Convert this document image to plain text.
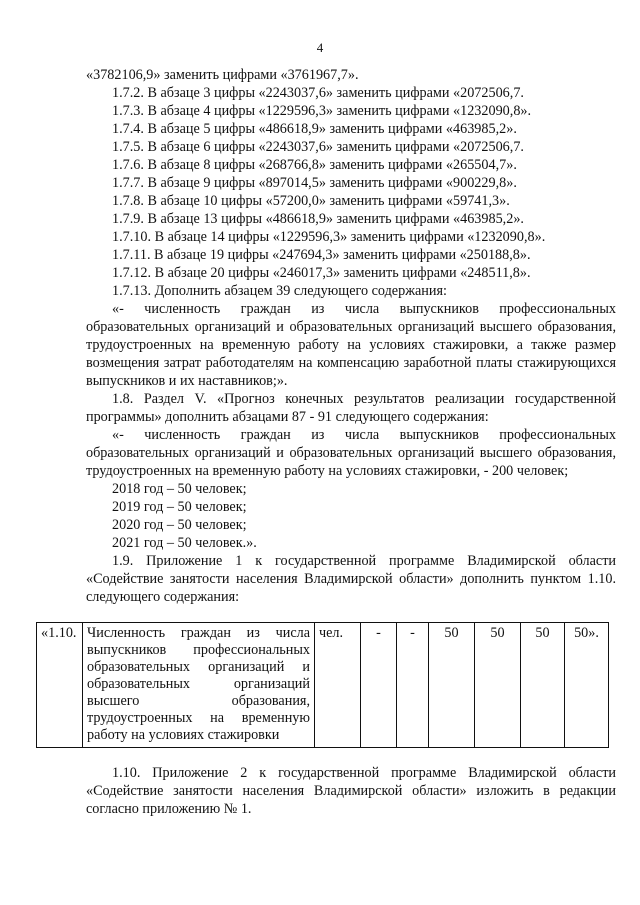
4

«3782106,9» заменить цифрами «3761967,7».

1.7.2. В абзаце 3 цифры «2243037,6» заменить цифрами «2072506,7.

1.7.3. В абзаце 4 цифры «1229596,3» заменить цифрами «1232090,8».

1.7.4. В абзаце 5 цифры «486618,9» заменить цифрами «463985,2».

1.7.5. В абзаце 6 цифры «2243037,6» заменить цифрами «2072506,7.

1.7.6. В абзаце 8 цифры «268766,8» заменить цифрами «265504,7».

1.7.7. В абзаце 9 цифры «897014,5» заменить цифрами «900229,8».

1.7.8. В абзаце 10 цифры «57200,0» заменить цифрами «59741,3».

1.7.9. В абзаце 13 цифры «486618,9» заменить цифрами «463985,2».

1.7.10. В абзаце 14 цифры «1229596,3» заменить цифрами «1232090,8».

1.7.11. В абзаце 19 цифры «247694,3» заменить цифрами «250188,8».

1.7.12. В абзаце 20 цифры «246017,3» заменить цифрами «248511,8».

1.7.13. Дополнить абзацем 39 следующего содержания:

«- численность граждан из числа выпускников профессиональных образовательных организаций и образовательных организаций высшего образования, трудоустроенных на временную работу на условиях стажировки, а также размер возмещения затрат работодателям на компенсацию заработной платы стажирующихся выпускников и их наставников;».

1.8. Раздел V. «Прогноз конечных результатов реализации государственной программы» дополнить абзацами 87 - 91 следующего содержания:

«- численность граждан из числа выпускников профессиональных образовательных организаций и образовательных организаций высшего образования, трудоустроенных на временную работу на условиях стажировки, - 200 человек;

2018 год – 50 человек;

2019 год – 50 человек;

2020 год – 50 человек;

2021 год – 50 человек.».

1.9. Приложение 1 к государственной программе Владимирской области «Содействие занятости населения Владимирской области» дополнить пунктом 1.10. следующего содержания:

«1.10.	Численность граждан из числа выпускников профессиональных образовательных организаций и образовательных организаций высшего образования, трудоустроенных на временную
работу на условиях стажировки
	чел.	-	-	50	50	50	50».

1.10. Приложение 2 к государственной программе Владимирской области «Содействие занятости населения Владимирской области» изложить в редакции согласно приложению № 1.
